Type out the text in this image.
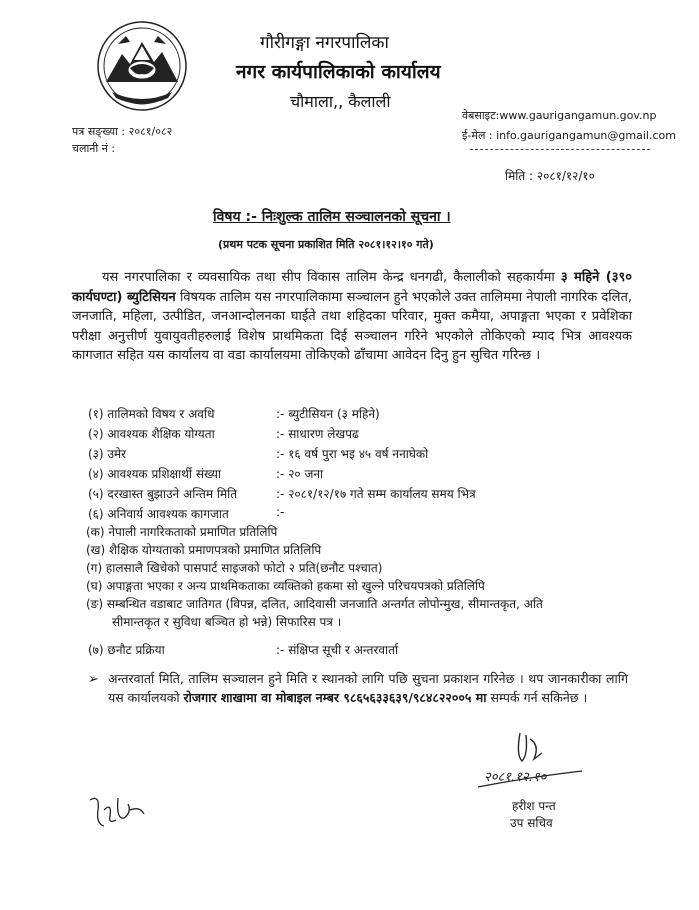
गौरीगङ्गा नगरपालिका
नगर कार्यपालिकाको कार्यालय
चौमाला,, कैलाली
वेबसाइट:www.gaurigangamun.gov.np
ई-मेल : info.gaurigangamun@gmail.com
पत्र सङ्ख्या : २०८१/०८२
चलानी नं :
मिति : २०८१/१२/१०
विषय :- निःशुल्क तालिम सञ्चालनको सूचना ।
(प्रथम पटक सूचना प्रकाशित मिति २०८१।१२।१० गते)
यस नगरपालिका र व्यवसायिक तथा सीप विकास तालिम केन्द्र धनगढी, कैलालीको सहकार्यमा ३ महिने (३९० कार्यघण्टा) ब्युटिसियन विषयक तालिम यस नगरपालिकामा सञ्चालन हुने भएकोले उक्त तालिममा नेपाली नागरिक दलित, जनजाति, महिला, उत्पीडित, जनआन्दोलनका घाईते तथा शहिदका परिवार, मुक्त कमैया, अपाङ्गता भएका र प्रवेशिका परीक्षा अनुत्तीर्ण युवायुवतीहरुलाई विशेष प्राथमिकता दिई सञ्चालन गरिने भएकोले तोकिएको म्याद भित्र आवश्यक कागजात सहित यस कार्यालय वा वडा कार्यालयमा तोकिएको ढाँचामा आवेदन दिनु हुन सुचित गरिन्छ ।
(१) तालिमको विषय र अवधि	:- ब्युटीसियन (३ महिने)
(२) आवश्यक शैक्षिक योग्यता	:- साधारण लेखपढ
(३) उमेर	:- १६ वर्ष पुरा भइ ४५ वर्ष ननाघेको
(४) आवश्यक प्रशिक्षार्थी संख्या	:- २० जना
(५) दरखास्त बुझाउने अन्तिम मिति	:- २०८१/१२/१७ गते सम्म कार्यालय समय भित्र
(६) अनिवार्य आवश्यक कागजात	:-
(क) नेपाली नागरिकताको प्रमाणित प्रतिलिपि
(ख) शैक्षिक योग्यताको प्रमाणपत्रको प्रमाणित प्रतिलिपि
(ग) हालसालै खिचेको पासपार्ट साइजको फोटो २ प्रति(छनौट पश्चात)
(घ) अपाङ्गता भएका र अन्य प्राथमिकताका व्यक्तिको हकमा सो खुल्ने परिचयपत्रको प्रतिलिपि
(ङ) सम्बन्धित वडाबाट जातिगत (विपन्न, दलित, आदिवासी जनजाति अन्तर्गत लोपोन्मुख, सीमान्तकृत, अति
सीमान्तकृत र सुविधा बञ्चित हो भन्ने) सिफारिस पत्र ।
(७) छनौट प्रक्रिया	:- संक्षिप्त सूची र अन्तरवार्ता
➢ अन्तरवार्ता मिति, तालिम सञ्चालन हुने मिति र स्थानको लागि पछि सुचना प्रकाशन गरिनेछ । थप जानकारीका लागि यस कार्यालयको रोजगार शाखामा वा मोबाइल नम्बर ९८६५६३३६३९/९८४८२२००५ मा सम्पर्क गर्न सकिनेछ ।
२०८१.१२.१०
हरीश पन्त
उप सचिव
